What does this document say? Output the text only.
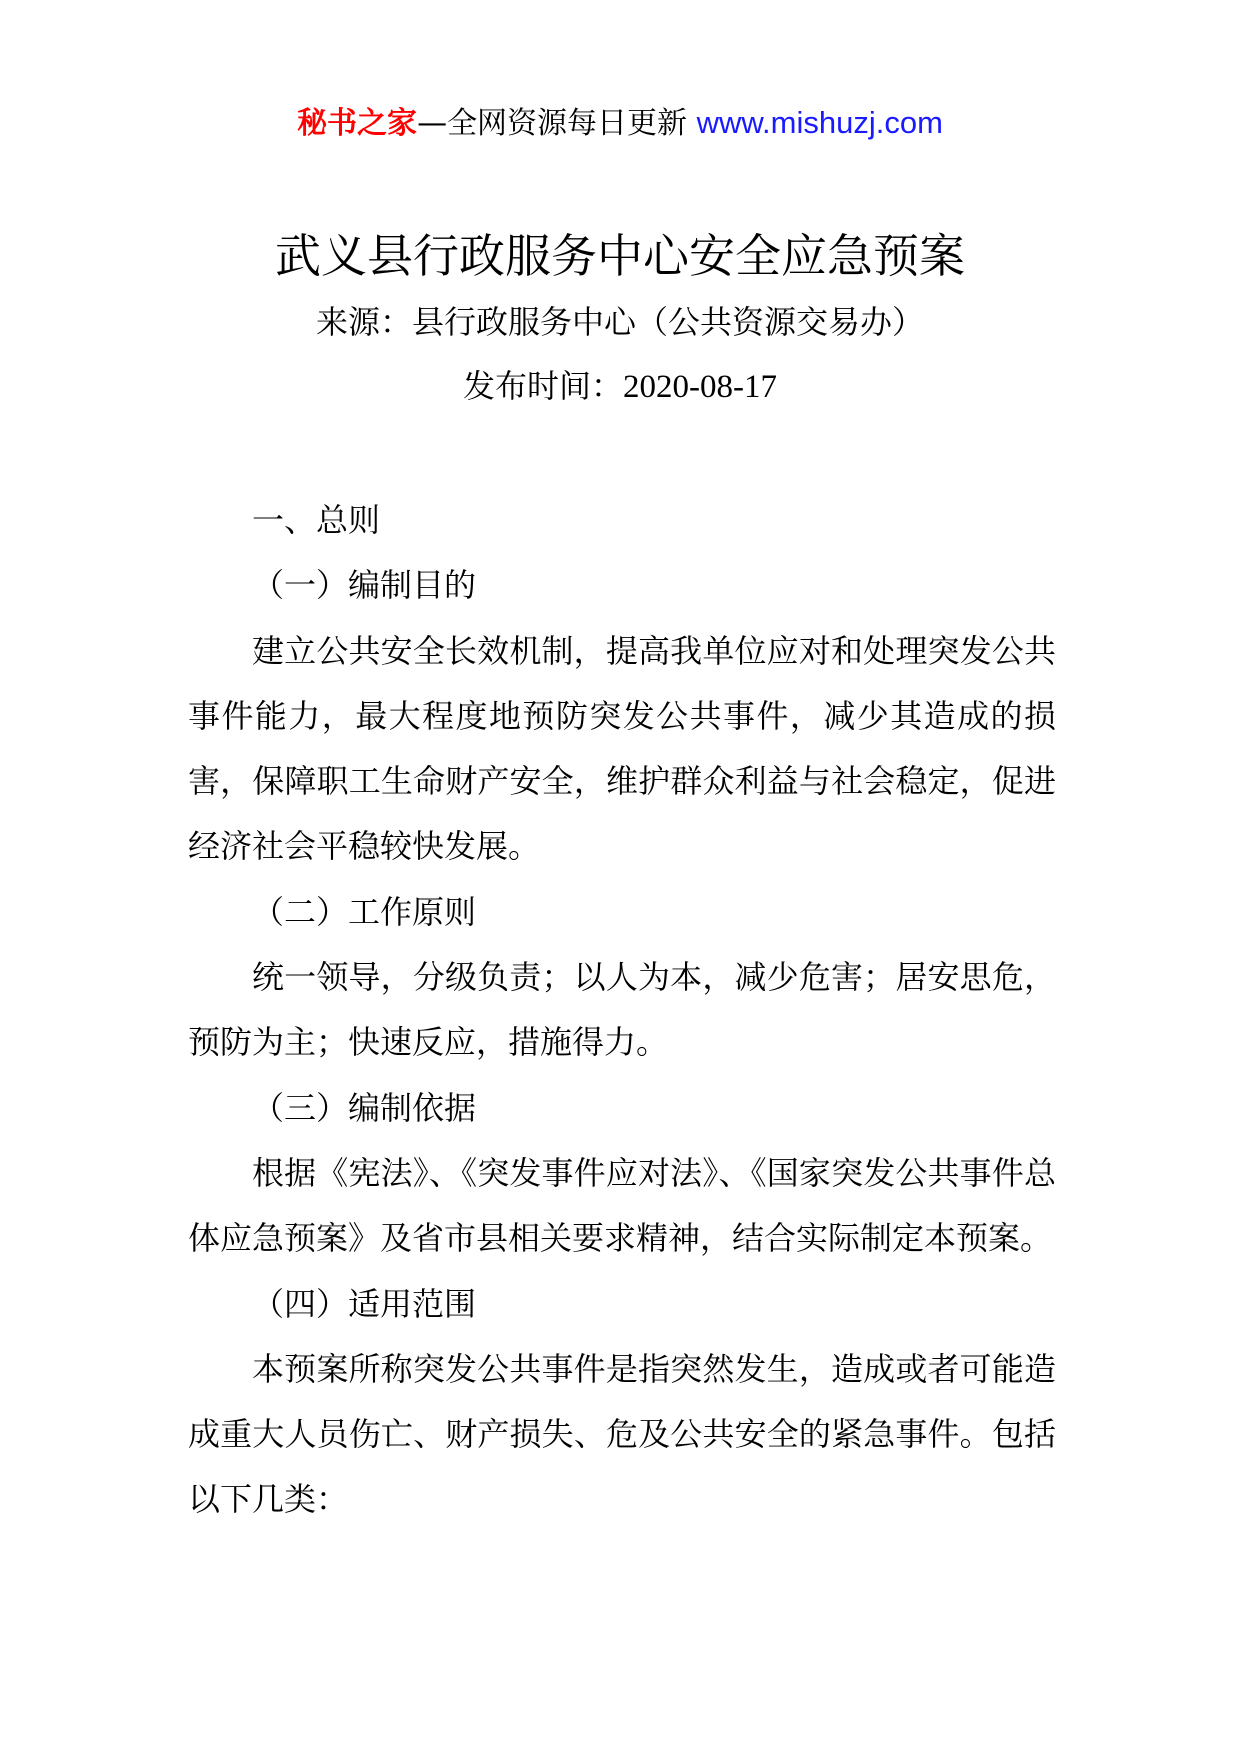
秘书之家—全网资源每日更新 www.mishuzj.com
武义县行政服务中心安全应急预案
来源：县行政服务中心（公共资源交易办）
发布时间：2020-08-17

一、总则

（一）编制目的

建立公共安全长效机制，提高我单位应对和处理突发公共事件能力，最大程度地预防突发公共事件，减少其造成的损害，保障职工生命财产安全，维护群众利益与社会稳定，促进经济社会平稳较快发展。

（二）工作原则

统一领导，分级负责；以人为本，减少危害；居安思危，预防为主；快速反应，措施得力。

（三）编制依据

根据《宪法》、《突发事件应对法》、《国家突发公共事件总体应急预案》及省市县相关要求精神，结合实际制定本预案。

（四）适用范围

本预案所称突发公共事件是指突然发生，造成或者可能造成重大人员伤亡、财产损失、危及公共安全的紧急事件。包括以下几类：
